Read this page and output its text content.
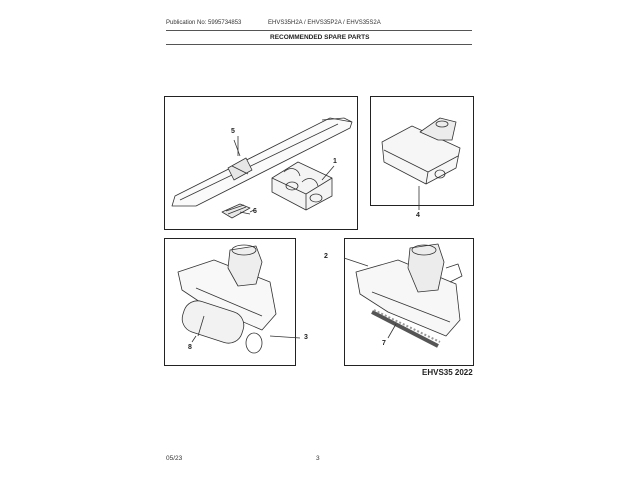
Publication No: 5995734853	EHVS35H2A / EHVS35P2A / EHVS35S2A
RECOMMENDED SPARE PARTS
5
1
6
4
2
3
8
7
EHVS35 2022
05/23	3
